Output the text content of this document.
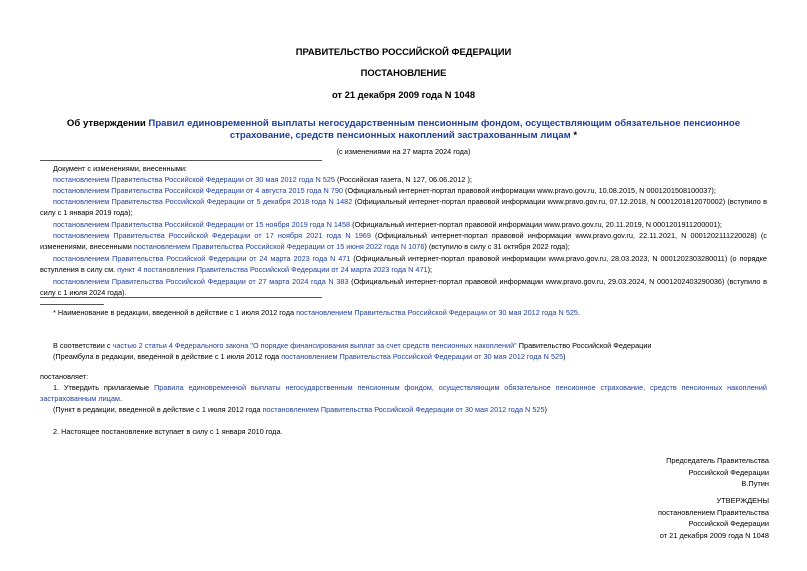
ПРАВИТЕЛЬСТВО РОССИЙСКОЙ ФЕДЕРАЦИИ
ПОСТАНОВЛЕНИЕ
от 21 декабря 2009 года N 1048
Об утверждении Правил единовременной выплаты негосударственным пенсионным фондом, осуществляющим обязательное пенсионное страхование, средств пенсионных накоплений застрахованным лицам *
(с изменениями на 27 марта 2024 года)
Документ с изменениями, внесенными:
постановлением Правительства Российской Федерации от 30 мая 2012 года N 525 (Российская газета, N 127, 06.06.2012 );
постановлением Правительства Российской Федерации от 4 августа 2015 года N 790 (Официальный интернет-портал правовой информации www.pravo.gov.ru, 10.08.2015, N 0001201508100037);
постановлением Правительства Российской Федерации от 5 декабря 2018 года N 1482 (Официальный интернет-портал правовой информации www.pravo.gov.ru, 07.12.2018, N 0001201812070002) (вступило в силу с 1 января 2019 года);
постановлением Правительства Российской Федерации от 15 ноября 2019 года N 1458 (Официальный интернет-портал правовой информации www.pravo.gov.ru, 20.11.2019, N 0001201911200001);
постановлением Правительства Российской Федерации от 17 ноября 2021 года N 1969 (Официальный интернет-портал правовой информации www.pravo.gov.ru, 22.11.2021, N 0001202111220028) (с изменениями, внесенными постановлением Правительства Российской Федерации от 15 июня 2022 года N 1076) (вступило в силу с 31 октября 2022 года);
постановлением Правительства Российской Федерации от 24 марта 2023 года N 471 (Официальный интернет-портал правовой информации www.pravo.gov.ru, 28.03.2023, N 0001202303280011) (о порядке вступления в силу см. пункт 4 постановления Правительства Российской Федерации от 24 марта 2023 года N 471);
постановлением Правительства Российской Федерации от 27 марта 2024 года N 383 (Официальный интернет-портал правовой информации www.pravo.gov.ru, 29.03.2024, N 0001202403290036) (вступило в силу с 1 июля 2024 года).
* Наименование в редакции, введенной в действие с 1 июля 2012 года постановлением Правительства Российской Федерации от 30 мая 2012 года N 525.
В соответствии с частью 2 статьи 4 Федерального закона "О порядке финансирования выплат за счет средств пенсионных накоплений" Правительство Российской Федерации
(Преамбула в редакции, введенной в действие с 1 июля 2012 года постановлением Правительства Российской Федерации от 30 мая 2012 года N 525)
постановляет:
1. Утвердить прилагаемые Правила единовременной выплаты негосударственным пенсионным фондом, осуществляющим обязательное пенсионное страхование, средств пенсионных накоплений застрахованным лицам.
(Пункт в редакции, введенной в действие с 1 июля 2012 года постановлением Правительства Российской Федерации от 30 мая 2012 года N 525)
2. Настоящее постановление вступает в силу с 1 января 2010 года.
Председатель Правительства
Российской Федерации
В.Путин
УТВЕРЖДЕНЫ
постановлением Правительства
Российской Федерации
от 21 декабря 2009 года N 1048
